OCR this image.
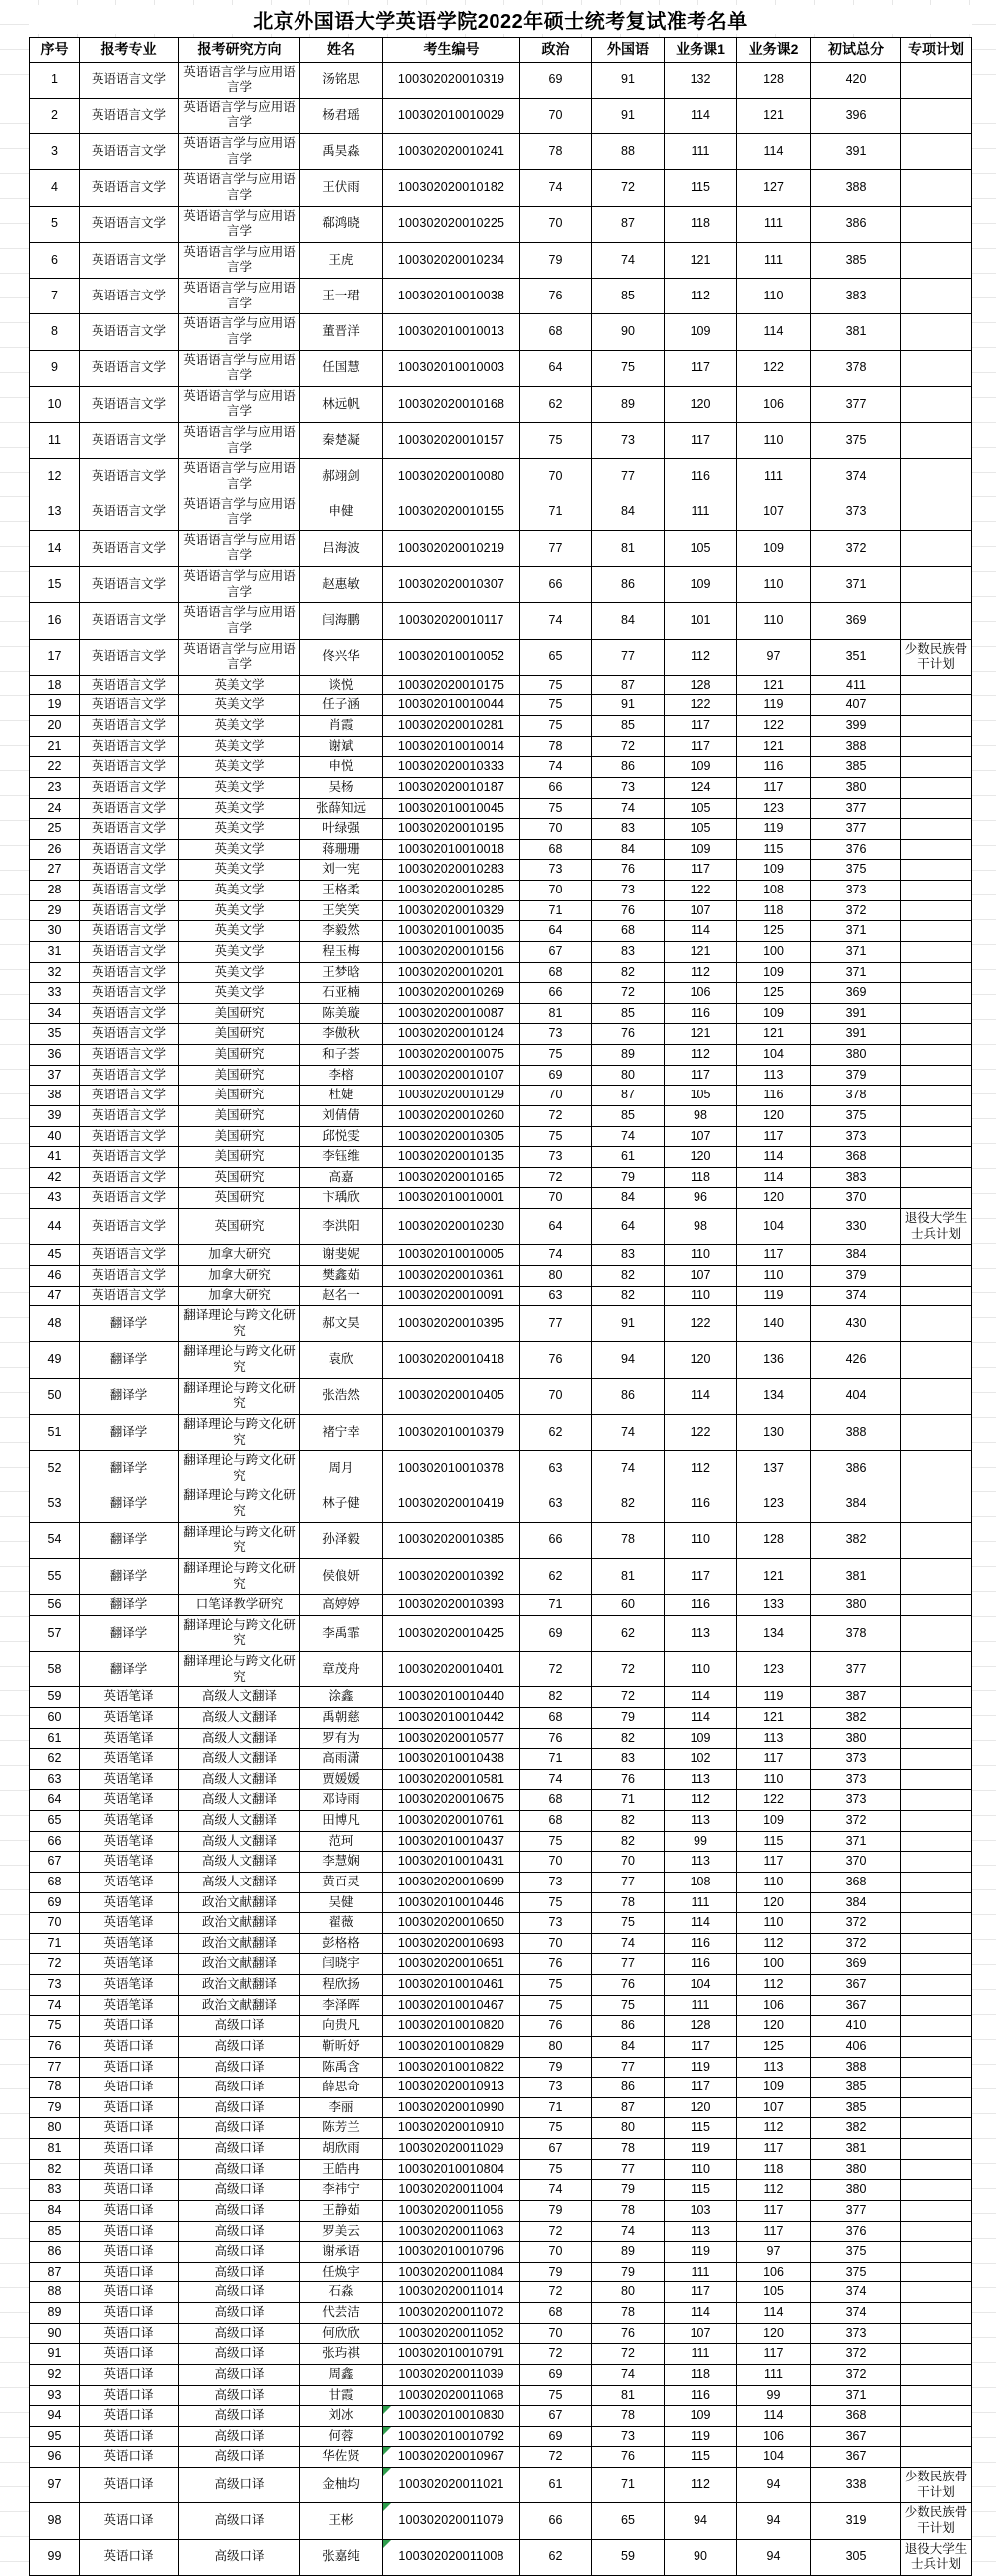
北京外国语大学英语学院2022年硕士统考复试准考名单
序号	报考专业	报考研究方向	姓名	考生编号	政治	外国语	业务课1	业务课2	初试总分	专项计划
1	英语语言文学	英语语言学与应用语言学	汤铭思	100302020010319	69	91	132	128	420	
2	英语语言文学	英语语言学与应用语言学	杨君瑶	100302010010029	70	91	114	121	396	
3	英语语言文学	英语语言学与应用语言学	禹昊淼	100302020010241	78	88	111	114	391	
4	英语语言文学	英语语言学与应用语言学	王伏雨	100302020010182	74	72	115	127	388	
5	英语语言文学	英语语言学与应用语言学	郗鸿晓	100302020010225	70	87	118	111	386	
6	英语语言文学	英语语言学与应用语言学	王虎	100302020010234	79	74	121	111	385	
7	英语语言文学	英语语言学与应用语言学	王一珺	100302010010038	76	85	112	110	383	
8	英语语言文学	英语语言学与应用语言学	董晋洋	100302010010013	68	90	109	114	381	
9	英语语言文学	英语语言学与应用语言学	任国慧	100302010010003	64	75	117	122	378	
10	英语语言文学	英语语言学与应用语言学	林远帆	100302020010168	62	89	120	106	377	
11	英语语言文学	英语语言学与应用语言学	秦楚凝	100302020010157	75	73	117	110	375	
12	英语语言文学	英语语言学与应用语言学	郝翊剑	100302020010080	70	77	116	111	374	
13	英语语言文学	英语语言学与应用语言学	申健	100302020010155	71	84	111	107	373	
14	英语语言文学	英语语言学与应用语言学	吕海波	100302020010219	77	81	105	109	372	
15	英语语言文学	英语语言学与应用语言学	赵惠敏	100302020010307	66	86	109	110	371	
16	英语语言文学	英语语言学与应用语言学	闫海鹏	100302020010117	74	84	101	110	369	
17	英语语言文学	英语语言学与应用语言学	佟兴华	100302010010052	65	77	112	97	351	少数民族骨干计划
18	英语语言文学	英美文学	谈悦	100302020010175	75	87	128	121	411	
19	英语语言文学	英美文学	任子涵	100302010010044	75	91	122	119	407	
20	英语语言文学	英美文学	肖霞	100302020010281	75	85	117	122	399	
21	英语语言文学	英美文学	谢斌	100302010010014	78	72	117	121	388	
22	英语语言文学	英美文学	申悦	100302020010333	74	86	109	116	385	
23	英语语言文学	英美文学	吴杨	100302020010187	66	73	124	117	380	
24	英语语言文学	英美文学	张薛知远	100302010010045	75	74	105	123	377	
25	英语语言文学	英美文学	叶绿强	100302020010195	70	83	105	119	377	
26	英语语言文学	英美文学	蒋珊珊	100302010010018	68	84	109	115	376	
27	英语语言文学	英美文学	刘一宪	100302020010283	73	76	117	109	375	
28	英语语言文学	英美文学	王格柔	100302020010285	70	73	122	108	373	
29	英语语言文学	英美文学	王笑笑	100302020010329	71	76	107	118	372	
30	英语语言文学	英美文学	李毅然	100302010010035	64	68	114	125	371	
31	英语语言文学	英美文学	程玉梅	100302020010156	67	83	121	100	371	
32	英语语言文学	英美文学	王梦晗	100302020010201	68	82	112	109	371	
33	英语语言文学	英美文学	石亚楠	100302020010269	66	72	106	125	369	
34	英语语言文学	美国研究	陈美璇	100302020010087	81	85	116	109	391	
35	英语语言文学	美国研究	李傲秋	100302020010124	73	76	121	121	391	
36	英语语言文学	美国研究	和子荟	100302020010075	75	89	112	104	380	
37	英语语言文学	美国研究	李榕	100302020010107	69	80	117	113	379	
38	英语语言文学	美国研究	杜婕	100302020010129	70	87	105	116	378	
39	英语语言文学	美国研究	刘倩倩	100302020010260	72	85	98	120	375	
40	英语语言文学	美国研究	邱悦雯	100302020010305	75	74	107	117	373	
41	英语语言文学	美国研究	李钰维	100302020010135	73	61	120	114	368	
42	英语语言文学	英国研究	高嘉	100302020010165	72	79	118	114	383	
43	英语语言文学	英国研究	卞瑀欣	100302010010001	70	84	96	120	370	
44	英语语言文学	英国研究	李洪阳	100302020010230	64	64	98	104	330	退役大学生士兵计划
45	英语语言文学	加拿大研究	谢斐妮	100302010010005	74	83	110	117	384	
46	英语语言文学	加拿大研究	樊鑫茹	100302020010361	80	82	107	110	379	
47	英语语言文学	加拿大研究	赵名一	100302020010091	63	82	110	119	374	
48	翻译学	翻译理论与跨文化研究	郝文昊	100302020010395	77	91	122	140	430	
49	翻译学	翻译理论与跨文化研究	袁欣	100302020010418	76	94	120	136	426	
50	翻译学	翻译理论与跨文化研究	张浩然	100302020010405	70	86	114	134	404	
51	翻译学	翻译理论与跨文化研究	褚宁幸	100302010010379	62	74	122	130	388	
52	翻译学	翻译理论与跨文化研究	周月	100302010010378	63	74	112	137	386	
53	翻译学	翻译理论与跨文化研究	林子健	100302020010419	63	82	116	123	384	
54	翻译学	翻译理论与跨文化研究	孙泽毅	100302020010385	66	78	110	128	382	
55	翻译学	翻译理论与跨文化研究	侯俍妍	100302020010392	62	81	117	121	381	
56	翻译学	口笔译教学研究	高婷婷	100302020010393	71	60	116	133	380	
57	翻译学	翻译理论与跨文化研究	李禹霏	100302020010425	69	62	113	134	378	
58	翻译学	翻译理论与跨文化研究	章茂舟	100302020010401	72	72	110	123	377	
59	英语笔译	高级人文翻译	涂鑫	100302010010440	82	72	114	119	387	
60	英语笔译	高级人文翻译	禹朝慈	100302010010442	68	79	114	121	382	
61	英语笔译	高级人文翻译	罗有为	100302020010577	76	82	109	113	380	
62	英语笔译	高级人文翻译	高雨潇	100302010010438	71	83	102	117	373	
63	英语笔译	高级人文翻译	贾媛媛	100302020010581	74	76	113	110	373	
64	英语笔译	高级人文翻译	邓诗雨	100302020010675	68	71	112	122	373	
65	英语笔译	高级人文翻译	田博凡	100302020010761	68	82	113	109	372	
66	英语笔译	高级人文翻译	范珂	100302010010437	75	82	99	115	371	
67	英语笔译	高级人文翻译	李慧娴	100302010010431	70	70	113	117	370	
68	英语笔译	高级人文翻译	黄百灵	100302020010699	73	77	108	110	368	
69	英语笔译	政治文献翻译	吴健	100302010010446	75	78	111	120	384	
70	英语笔译	政治文献翻译	翟薇	100302020010650	73	75	114	110	372	
71	英语笔译	政治文献翻译	彭格格	100302020010693	70	74	116	112	372	
72	英语笔译	政治文献翻译	闫晓宇	100302020010651	76	77	116	100	369	
73	英语笔译	政治文献翻译	程欣扬	100302010010461	75	76	104	112	367	
74	英语笔译	政治文献翻译	李泽晖	100302010010467	75	75	111	106	367	
75	英语口译	高级口译	向贵凡	100302010010820	76	86	128	120	410	
76	英语口译	高级口译	靳昕妤	100302010010829	80	84	117	125	406	
77	英语口译	高级口译	陈禹含	100302010010822	79	77	119	113	388	
78	英语口译	高级口译	薛思奇	100302020010913	73	86	117	109	385	
79	英语口译	高级口译	李丽	100302020010990	71	87	120	107	385	
80	英语口译	高级口译	陈芳兰	100302020010910	75	80	115	112	382	
81	英语口译	高级口译	胡欣雨	100302020011029	67	78	119	117	381	
82	英语口译	高级口译	王皓冉	100302010010804	75	77	110	118	380	
83	英语口译	高级口译	李祎宁	100302020011004	74	79	115	112	380	
84	英语口译	高级口译	王静茹	100302020011056	79	78	103	117	377	
85	英语口译	高级口译	罗美云	100302020011063	72	74	113	117	376	
86	英语口译	高级口译	谢承语	100302010010796	70	89	119	97	375	
87	英语口译	高级口译	任焕宇	100302020011084	79	79	111	106	375	
88	英语口译	高级口译	石淼	100302020011014	72	80	117	105	374	
89	英语口译	高级口译	代芸洁	100302020011072	68	78	114	114	374	
90	英语口译	高级口译	何欣欣	100302020011052	70	76	107	120	373	
91	英语口译	高级口译	张玙祺	100302010010791	72	72	111	117	372	
92	英语口译	高级口译	周鑫	100302020011039	69	74	118	111	372	
93	英语口译	高级口译	甘霞	100302020011068	75	81	116	99	371	
94	英语口译	高级口译	刘冰	100302010010830	67	78	109	114	368	
95	英语口译	高级口译	何蓉	100302010010792	69	73	119	106	367	
96	英语口译	高级口译	华佐贤	100302020010967	72	76	115	104	367	
97	英语口译	高级口译	金柚均	100302020011021	61	71	112	94	338	少数民族骨干计划
98	英语口译	高级口译	王彬	100302020011079	66	65	94	94	319	少数民族骨干计划
99	英语口译	高级口译	张嘉纯	100302020011008	62	59	90	94	305	退役大学生士兵计划
